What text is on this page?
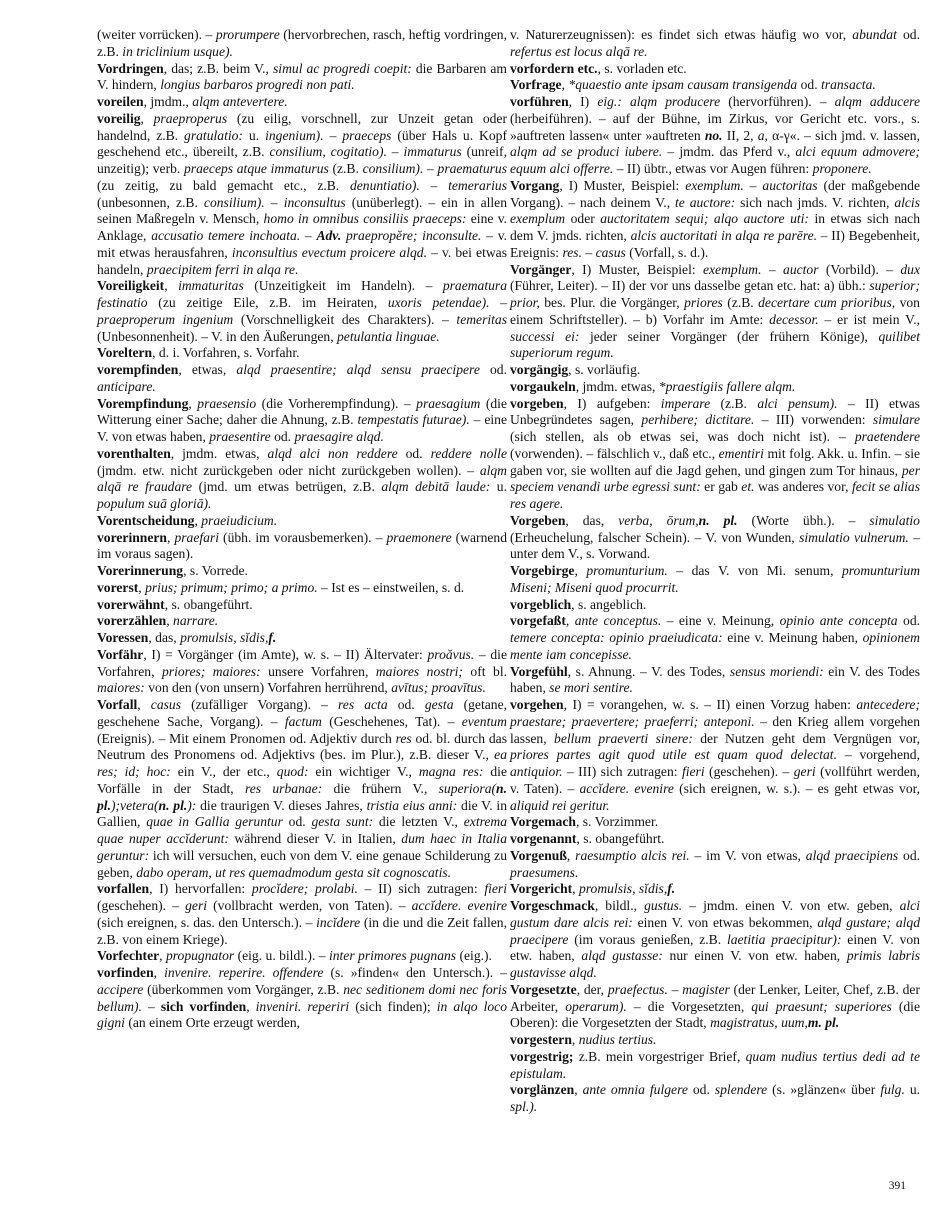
(weiter vorrücken). – prorumpere (hervorbrechen, rasch, heftig vordringen, z.B. in triclinium usque).

Vordringen, das; z.B. beim V., simul ac progredi coepit: die Barbaren am V. hindern, longius barbaros progredi non pati.

voreilen, jmdm., alqm antevertere.

voreilig, praeproperus (zu eilig, vorschnell, zur Unzeit getan oder handelnd, z.B. gratulatio: u. ingenium). – praeceps (über Hals u. Kopf geschehend etc., übereilt, z.B. consilium, cogitatio). – immaturus (unreif, unzeitig); verb. praeceps atque immaturus (z.B. consilium). – praematurus (zu zeitig, zu bald gemacht etc., z.B. denuntiatio). – temerarius (unbesonnen, z.B. consilium). – inconsultus (unüberlegt). – ein in allen seinen Maßregeln v. Mensch, homo in omnibus consiliis praeceps: eine v. Anklage, accusatio temere inchoata. – Adv. praepropĕre; inconsulte. – v. mit etwas herausfahren, inconsultius evectum proicere alqd. – v. bei etwas handeln, praecipitem ferri in alqa re.

Voreiligkeit, immaturitas (Unzeitigkeit im Handeln). – praematura festinatio (zu zeitige Eile, z.B. im Heiraten, uxoris petendae). – praeproperum ingenium (Vorschnelligkeit des Charakters). – temeritas (Unbesonnenheit). – V. in den Äußerungen, petulantia linguae.

Voreltern, d. i. Vorfahren, s. Vorfahr.

vorempfinden, etwas, alqd praesentire; alqd sensu praecipere od. anticipare.

Vorempfindung, praesensio (die Vorherempfindung). – praesagium (die Witterung einer Sache; daher die Ahnung, z.B. tempestatis futurae). – eine V. von etwas haben, praesentire od. praesagire alqd.

vorenthalten, jmdm. etwas, alqd alci non reddere od. reddere nolle (jmdm. etw. nicht zurückgeben oder nicht zurückgeben wollen). – alqm alqā re fraudare (jmd. um etwas betrügen, z.B. alqm debitā laude: u. populum suā gloriā).

Vorentscheidung, praeiudicium.

vorerinnern, praefari (übh. im vorausbemerken). – praemonere (warnend im voraus sagen).

Vorerinnerung, s. Vorrede.

vorerst, prius; primum; primo; a primo. – Ist es – einstweilen, s. d.

vorerwähnt, s. obangeführt.

vorerzählen, narrare.

Voressen, das, promulsis, sĭdis,f.

Vorfähr, I) = Vorgänger (im Amte), w. s. – II) Ältervater: proăvus. – die Vorfahren, priores; maiores: unsere Vorfahren, maiores nostri; oft bl. maiores: von den (von unsern) Vorfahren herrührend, avītus; proavītus.

Vorfall, casus (zufälliger Vorgang). – res acta od. gesta (getane, geschehene Sache, Vorgang). – factum (Geschehenes, Tat). – eventum (Ereignis). – Mit einem Pronomen od. Adjektiv durch res od. bl. durch das Neutrum des Pronomens od. Adjektivs (bes. im Plur.), z.B. dieser V., ea res; id; hoc: ein V., der etc., quod: ein wichtiger V., magna res: die Vorfälle in der Stadt, res urbanae: die frühern V., superiora(n. pl.);vetera(n. pl.): die traurigen V. dieses Jahres, tristia eius anni: die V. in Gallien, quae in Gallia geruntur od. gesta sunt: die letzten V., extrema quae nuper accĭderunt: während dieser V. in Italien, dum haec in Italia geruntur: ich will versuchen, euch von dem V. eine genaue Schilderung zu geben, dabo operam, ut res quemadmodum gesta sit cognoscatis.

vorfallen, I) hervorfallen: procĭdere; prolabi. – II) sich zutragen: fieri (geschehen). – geri (vollbracht werden, von Taten). – accĭdere. evenire (sich ereignen, s. das. den Untersch.). – incĭdere (in die und die Zeit fallen, z.B. von einem Kriege).

Vorfechter, propugnator (eig. u. bildl.). – inter primores pugnans (eig.).

vorfinden, invenire. reperire. offendere (s. »finden« den Untersch.). – accipere (überkommen vom Vorgänger, z.B. nec seditionem domi nec foris bellum). – sich vorfinden, inveniri. reperiri (sich finden); in alqo loco gigni (an einem Orte erzeugt werden,

v. Naturerzeugnissen): es findet sich etwas häufig wo vor, abundat od. refertus est locus alqā re.

vorfordern etc., s. vorladen etc.

Vorfrage, *quaestio ante ipsam causam transigenda od. transacta.

vorführen, I) eig.: alqm producere (hervorführen). – alqm adducere (herbeiführen). – auf der Bühne, im Zirkus, vor Gericht etc. vors., s. »auftreten lassen« unter »auftreten no. II, 2, a, α-γ«. – sich jmd. v. lassen, alqm ad se produci iubere. – jmdm. das Pferd v., alci equum admovere; equum alci offerre. – II) übtr., etwas vor Augen führen: proponere.

Vorgang, I) Muster, Beispiel: exemplum. – auctoritas (der maßgebende Vorgang). – nach deinem V., te auctore: sich nach jmds. V. richten, alcis exemplum oder auctoritatem sequi; alqo auctore uti: in etwas sich nach dem V. jmds. richten, alcis auctoritati in alqa re parēre. – II) Begebenheit, Ereignis: res. – casus (Vorfall, s. d.).

Vorgänger, I) Muster, Beispiel: exemplum. – auctor (Vorbild). – dux (Führer, Leiter). – II) der vor uns dasselbe getan etc. hat: a) übh.: superior; prior, bes. Plur. die Vorgänger, priores (z.B. decertare cum prioribus, von einem Schriftsteller). – b) Vorfahr im Amte: decessor. – er ist mein V., successi ei: jeder seiner Vorgänger (der frühern Könige), quilibet superiorum regum.

vorgängig, s. vorläufig.

vorgaukeln, jmdm. etwas, *praestigiis fallere alqm.

vorgeben, I) aufgeben: imperare (z.B. alci pensum). – II) etwas Unbegründetes sagen, perhibere; dictitare. – III) vorwenden: simulare (sich stellen, als ob etwas sei, was doch nicht ist). – praetendere (vorwenden). – fälschlich v., daß etc., ementiri mit folg. Akk. u. Infin. – sie gaben vor, sie wollten auf die Jagd gehen, und gingen zum Tor hinaus, per speciem venandi urbe egressi sunt: er gab et. was anderes vor, fecit se alias res agere.

Vorgeben, das, verba, ōrum,n. pl. (Worte übh.). – simulatio (Erheuchelung, falscher Schein). – V. von Wunden, simulatio vulnerum. – unter dem V., s. Vorwand.

Vorgebirge, promunturium. – das V. von Mi. senum, promunturium Miseni; Miseni quod procurrit.

vorgeblich, s. angeblich.

vorgefaßt, ante conceptus. – eine v. Meinung, opinio ante concepta od. temere concepta: opinio praeiudicata: eine v. Meinung haben, opinionem mente iam concepisse.

Vorgefühl, s. Ahnung. – V. des Todes, sensus moriendi: ein V. des Todes haben, se mori sentire.

vorgehen, I) = vorangehen, w. s. – II) einen Vorzug haben: antecedere; praestare; praevertere; praeferri; anteponi. – den Krieg allem vorgehen lassen, bellum praeverti sinere: der Nutzen geht dem Vergnügen vor, priores partes agit quod utile est quam quod delectat. – vorgehend, antiquior. – III) sich zutragen: fieri (geschehen). – geri (vollführt werden, v. Taten). – accĭdere. evenire (sich ereignen, w. s.). – es geht etwas vor, aliquid rei geritur.

Vorgemach, s. Vorzimmer.

vorgenannt, s. obangeführt.

Vorgenuß, raesumptio alcis rei. – im V. von etwas, alqd praecipiens od. praesumens.

Vorgericht, promulsis, sĭdis,f.

Vorgeschmack, bildl., gustus. – jmdm. einen V. von etw. geben, alci gustum dare alcis rei: einen V. von etwas bekommen, alqd gustare; alqd praecipere (im voraus genießen, z.B. laetitia praecipitur): einen V. von etw. haben, alqd gustasse: nur einen V. von etw. haben, primis labris gustavisse alqd.

Vorgesetzte, der, praefectus. – magister (der Lenker, Leiter, Chef, z.B. der Arbeiter, operarum). – die Vorgesetzten, qui praesunt; superiores (die Oberen): die Vorgesetzten der Stadt, magistratus, uum,m. pl.

vorgestern, nudius tertius.

vorgestrig; z.B. mein vorgestriger Brief, quam nudius tertius dedi ad te epistulam.

vorglänzen, ante omnia fulgere od. splendere (s. »glänzen« über fulg. u. spl.).

391
